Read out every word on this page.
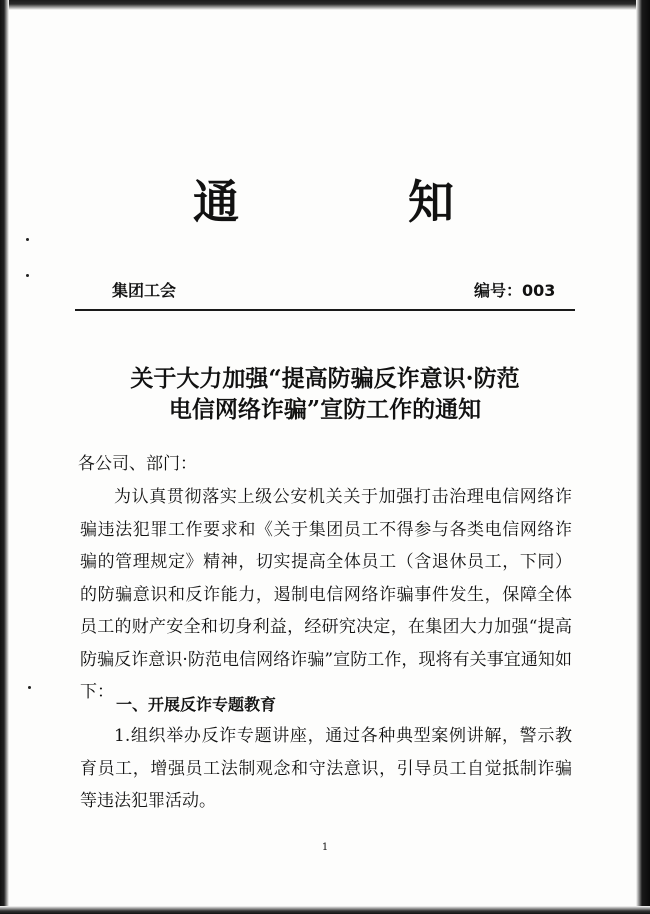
通	知
集团工会	编号：003
关于大力加强“提高防骗反诈意识·防范
电信网络诈骗”宣防工作的通知
各公司、部门：
为认真贯彻落实上级公安机关关于加强打击治理电信网络诈骗违法犯罪工作要求和《关于集团员工不得参与各类电信网络诈骗的管理规定》精神，切实提高全体员工（含退休员工，下同）的防骗意识和反诈能力，遏制电信网络诈骗事件发生，保障全体员工的财产安全和切身利益，经研究决定，在集团大力加强“提高防骗反诈意识·防范电信网络诈骗”宣防工作，现将有关事宜通知如下：
一、开展反诈专题教育
1.组织举办反诈专题讲座，通过各种典型案例讲解，警示教育员工，增强员工法制观念和守法意识，引导员工自觉抵制诈骗等违法犯罪活动。
1
